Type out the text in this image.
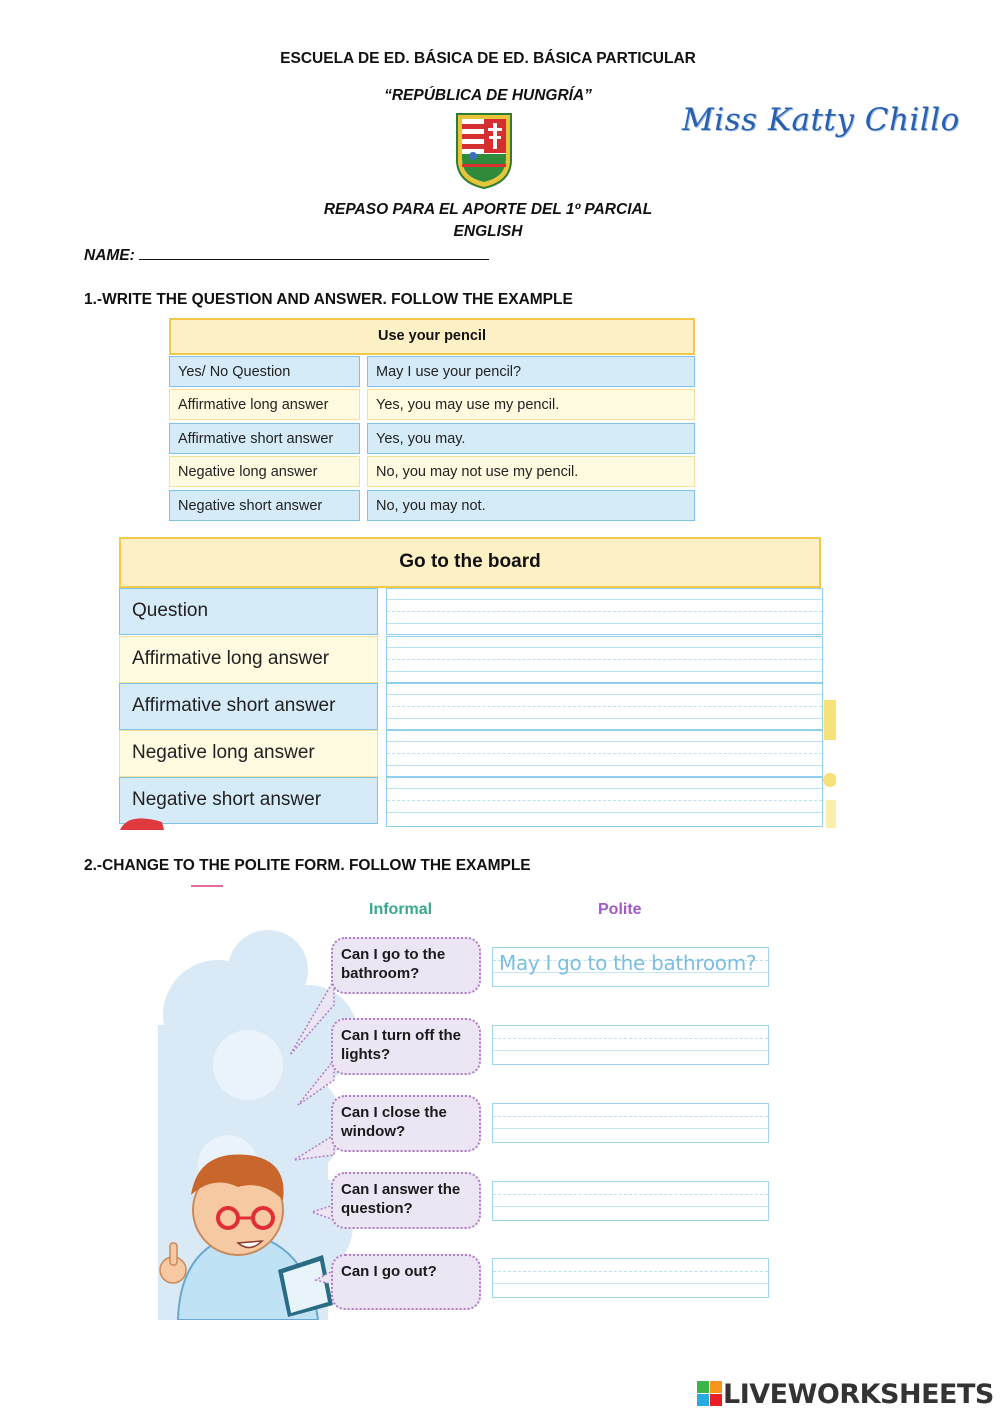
ESCUELA DE ED. BÁSICA DE ED. BÁSICA PARTICULAR
“REPÚBLICA DE HUNGRÍA”
Miss Katty Chillo
REPASO PARA EL APORTE DEL 1º PARCIAL
ENGLISH
NAME:
1.-WRITE THE QUESTION AND ANSWER. FOLLOW THE EXAMPLE
Use your pencil
Yes/ No Question	May I use your pencil?
Affirmative long answer	Yes, you may use my pencil.
Affirmative short answer	Yes, you may.
Negative long answer	No, you may not use my pencil.
Negative short answer	No, you may not.
Go to the board
Question
Affirmative long answer
Affirmative short answer
Negative long answer
Negative short answer
2.-CHANGE TO THE POLITE FORM. FOLLOW THE EXAMPLE
Informal	Polite
Can I go to the bathroom?	May I go to the bathroom?
Can I turn off the lights?
Can I close the window?
Can I answer the question?
Can I go out?
LIVEWORKSHEETS
